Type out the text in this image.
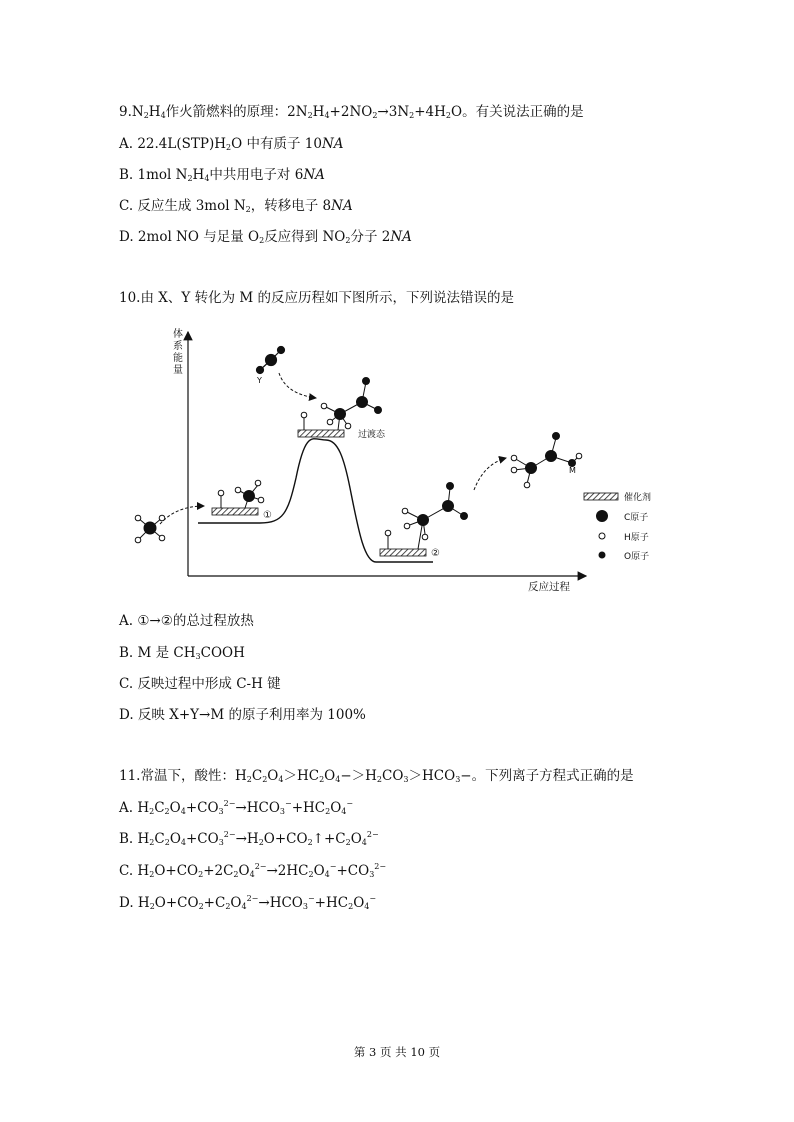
$9.N_2H_4$作火箭燃料的原理：$2N_2H_4+2NO_2\to 3N_2+4H_2O$。有关说法正确的是
A. $22.4L(STP)H_2O$ 中有质子 10NA
B. 1mol $N_2H_4$中共用电子对 6NA
C. 反应生成 3mol $N_2$，转移电子 8NA
D. 2mol NO 与足量 $O_2$反应得到 $NO_2$分子 2NA
10.由 X、Y 转化为 M 的反应历程如下图所示，下列说法错误的是
体
系
能
量
反应过程
①
②
过渡态
Y
M
催化剂
C原子
H原子
O原子
A. ①→②的总过程放热
B. M 是 $CH_3COOH$
C. 反映过程中形成 C-H 键
D. 反映 X+Y→M 的原子利用率为 100%
11.常温下，酸性：$H_2C_2O_4>HC_2O_4->H_2CO_3>HCO_3-$。下列离子方程式正确的是
A. $H_2C_2O_4+CO_3^{2-}\to HCO_3^-+HC_2O_4^-$
B. $H_2C_2O_4+CO_3^{2-}\to H_2O+CO_2↑+C_2O_4^{2-}$
C. $H_2O+CO_2+2C_2O_4^{2-}\to 2HC_2O_4^-+CO_3^{2-}$
D. $H_2O+CO_2+C_2O_4^{2-}\to HCO_3^-+HC_2O_4^-$
第 3 页 共 10 页
